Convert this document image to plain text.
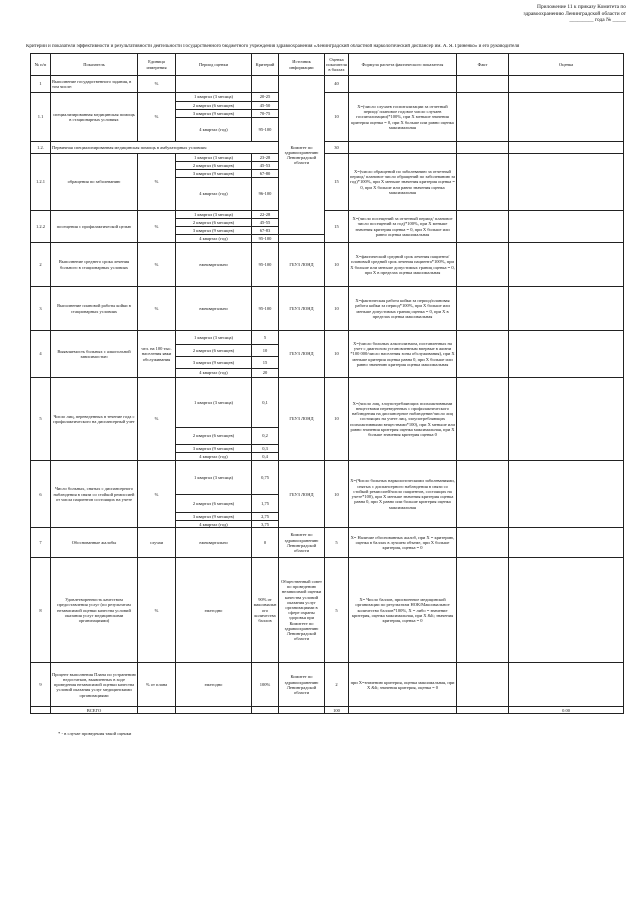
Приложение 11 к приказу Комитета по
здравоохранению Ленинградской области от
_________ года № _____
Критерии и показатели эффективности и результативности деятельности Государственного бюджетного учреждения здравоохранения «Ленинградский областной наркологический диспансер им. А. Я. Гриненко» и его руководителя
№ п/п	Показатель	Единица измерения	Период оценки	Критерий	Источник информации	Оценка показателя в баллах	Формула расчета фактического показателя	Факт	Оценка
1	Выполнение государственного задания, в том числе:	%			Комитет по здравоохранению Ленинградской области	40			
1.1	специализированная медицинская помощь в стационарных условиях	%	1 квартал (3 месяца)	20-25		10	Х=(число случаев госпитализации за отчетный период/ плановое годовое число случаев госпитализации)*100%, при Х меньше значения критерия оценка = 0, при Х больше или равно оценка максимальная		
			2 квартал (6 месяцев)	45-50					
			3 квартал (9 месяцев)	70-75					
			4 квартал (год)	95-100					
1.2.	Первичная специализированная медицинская помощь в амбулаторных условиях:					30			
1.2.1	обращения по заболеванию	%	1 квартал (3 месяца)	23-28		15	Х=(число обращений по заболеванию за отчетный период/ плановое число обращений по заболеванию за год)*100%, при Х меньше значения критерия оценка = 0, при Х больше или равно значения оценка максимальная		
			2 квартал (6 месяцев)	45-53					
			3 квартал (9 месяцев)	67-80					
			4 квартал (год)	96-100					
1.2.2	посещения с профилактической целью	%	1 квартал (3 месяца)	22-28		15	Х=(число посещений за отчетный период/ плановое число посещений за год)*100%, при Х меньше значения критерия оценка = 0, при Х больше или равно оценка максимальная		
			2 квартал (6 месяцев)	45-55					
			3 квартал (9 месяцев)	67-83					
			4 квартал (год)	95-100					
2	Выполнение среднего срока лечения больного в стационарных условиях	%	ежеквартально	95-100	ГБУЗ ЛОНД	10	Х=фактический средний срок лечения пациента/плановый средний срок лечения пациента*100%, при Х больше или меньше допустимых границ оценка = 0, при Х в пределах оценка максимальная		
3	Выполнение плановой работы койки в стационарных условиях	%	ежеквартально	95-100	ГБУЗ ЛОНД	10	Х=фактическая работа койки за период/плановая работа койки за период*100%, при Х больше или меньше допустимых границ оценка = 0, при Х в пределах оценка максимальная		
4	Выявляемость больных с алкогольной зависимостью	чел. на 100 тыс. населения явки обслуживания	1 квартал (3 месяца)	5	ГБУЗ ЛОНД	10	Х=(число больных алкоголизмом, поставленных на учет с диагнозом установленным впервые в жизни *100 000/число населения зоны обслуживания), при Х меньше критерия оценка равна 0, при Х больше или равно значению критерия оценка максимальная		
			2 квартал (6 месяцев)	10					
			3 квартал (9 месяцев)	15					
			4 квартал (год)	20					
5	Число лиц, переведенных в течение года с профилактического на диспансерный учет	%	1 квартал (3 месяца)	0,1	ГБУЗ ЛОНД	10	Х=(число лиц, злоупотребляющих психоактивными веществами переведенных с профилактического наблюдения на диспансерное наблюдение/число лиц состоящих на учете лиц, злоупотребляющих психоактивными веществами*100), при Х меньше или равно значения критерия оценка максимальная, при Х больше значения критерия оценка 0		
			2 квартал (6 месяцев)	0,2					
			3 квартал (9 месяцев)	0,3					
			4 квартал (год)	0,4					
6	Число больных, снятых с диспансерного наблюдения в связи со стойкой ремиссией от числа пациентов состоящих на учете	%	1 квартал (3 месяца)	0,75	ГБУЗ ЛОНД	10	Х=(Число больных наркологическими заболеваниями, снятых с диспансерного наблюдения в связи со стойкой ремиссией/число пациентов, состоящих на учете*100), при Х меньше значения критерия оценка равна 0, при Х равно или больше критерия оценка максимальная		
			2 квартал (6 месяцев)	1,75					
			3 квартал (9 месяцев)	2,75					
			4 квартал (год)	3,75					
7	Обоснованные жалобы	случаи	ежеквартально	0	Комитет по здравоохранению Ленинградской области	5	Х= Наличие обоснованных жалоб, при Х = критерию, оценка в баллах в лучшем объеме, при Х больше критерия, оценка = 0		
8	Удовлетворенность качеством предоставления услуг (по результатам независимой оценки качества условий оказания услуг медицинскими организациями)	%	ежегодно	90% от максимального количества баллов	Общественный совет по проведению независимой оценки качества условий оказания услуг организациями в сфере охраны здоровья при Комитете по здравоохранению Ленинградской области	5	Х= Число баллов, присвоенное медицинской организации по результатам НОК/Максимальное количество баллов*100%, Х = либо = значение критерия, оценка максимальная, при Х &lt; значения критерия, оценка = 0		
9	Процент выполнения Плана по устранению недостатков, выявленных в ходе проведения независимой оценки качества условий оказания услуг медицинскими организациями	% от плана	ежегодно	100%	Комитет по здравоохранению Ленинградской области	2	при Х=значению критерия, оценка максимальная, при Х &lt; значения критерия, оценка = 0		
	ВСЕГО					100			0.00
* - в случае проведения такой оценки
